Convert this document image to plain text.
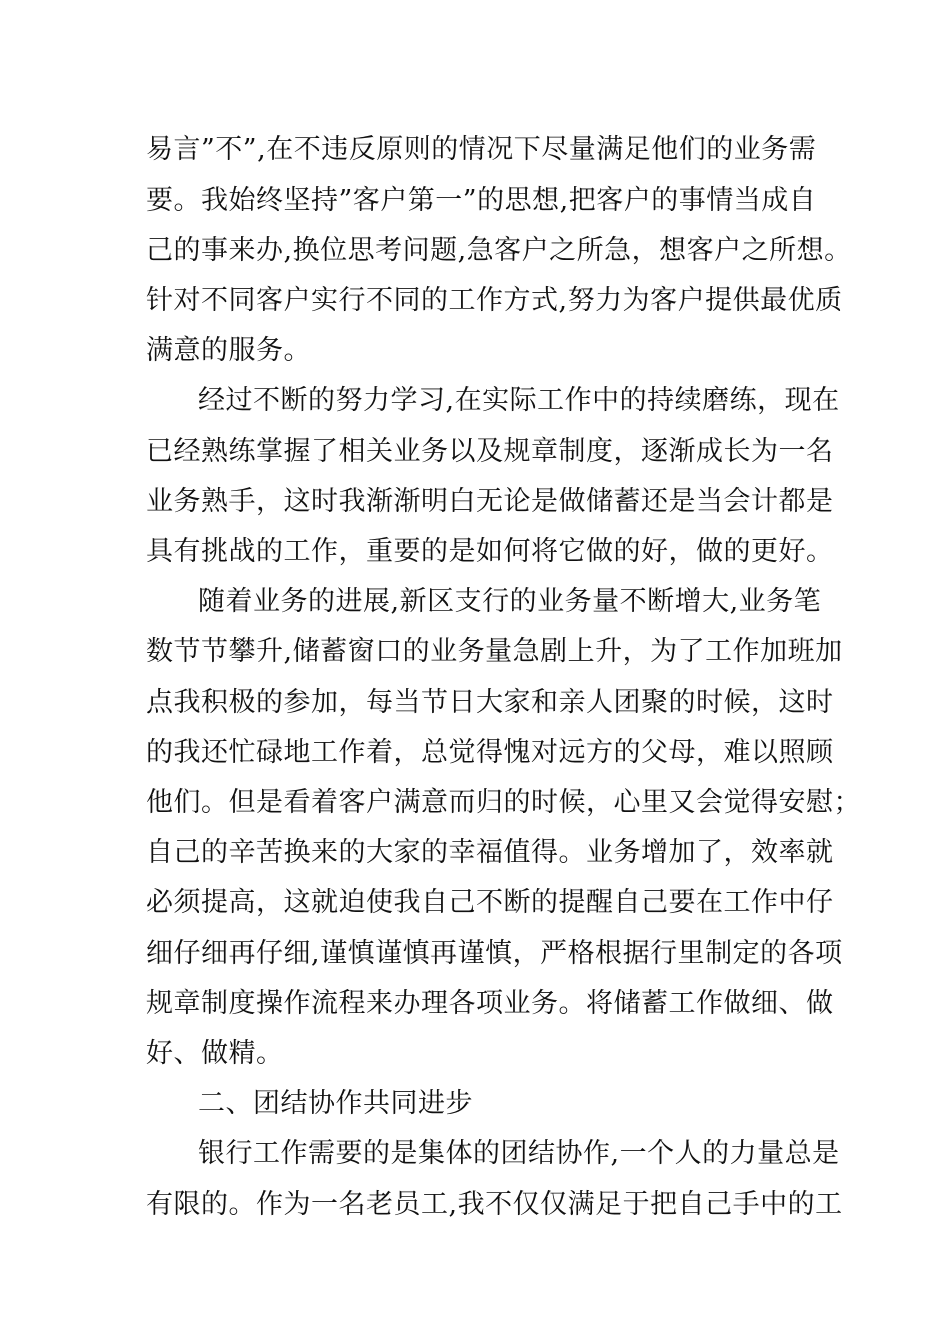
易言”不”,在不违反原则的情况下尽量满足他们的业务需
要。我始终坚持”客户第一”的思想,把客户的事情当成自
己的事来办,换位思考问题,急客户之所急，想客户之所想。
针对不同客户实行不同的工作方式,努力为客户提供最优质
满意的服务。
经过不断的努力学习,在实际工作中的持续磨练，现在
已经熟练掌握了相关业务以及规章制度，逐渐成长为一名
业务熟手，这时我渐渐明白无论是做储蓄还是当会计都是
具有挑战的工作，重要的是如何将它做的好，做的更好。
随着业务的进展,新区支行的业务量不断增大,业务笔
数节节攀升,储蓄窗口的业务量急剧上升，为了工作加班加
点我积极的参加，每当节日大家和亲人团聚的时候，这时
的我还忙碌地工作着，总觉得愧对远方的父母，难以照顾
他们。但是看着客户满意而归的时候，心里又会觉得安慰；
自己的辛苦换来的大家的幸福值得。业务增加了，效率就
必须提高，这就迫使我自己不断的提醒自己要在工作中仔
细仔细再仔细,谨慎谨慎再谨慎，严格根据行里制定的各项
规章制度操作流程来办理各项业务。将储蓄工作做细、做
好、做精。
二、团结协作共同进步
银行工作需要的是集体的团结协作,一个人的力量总是
有限的。作为一名老员工,我不仅仅满足于把自己手中的工
